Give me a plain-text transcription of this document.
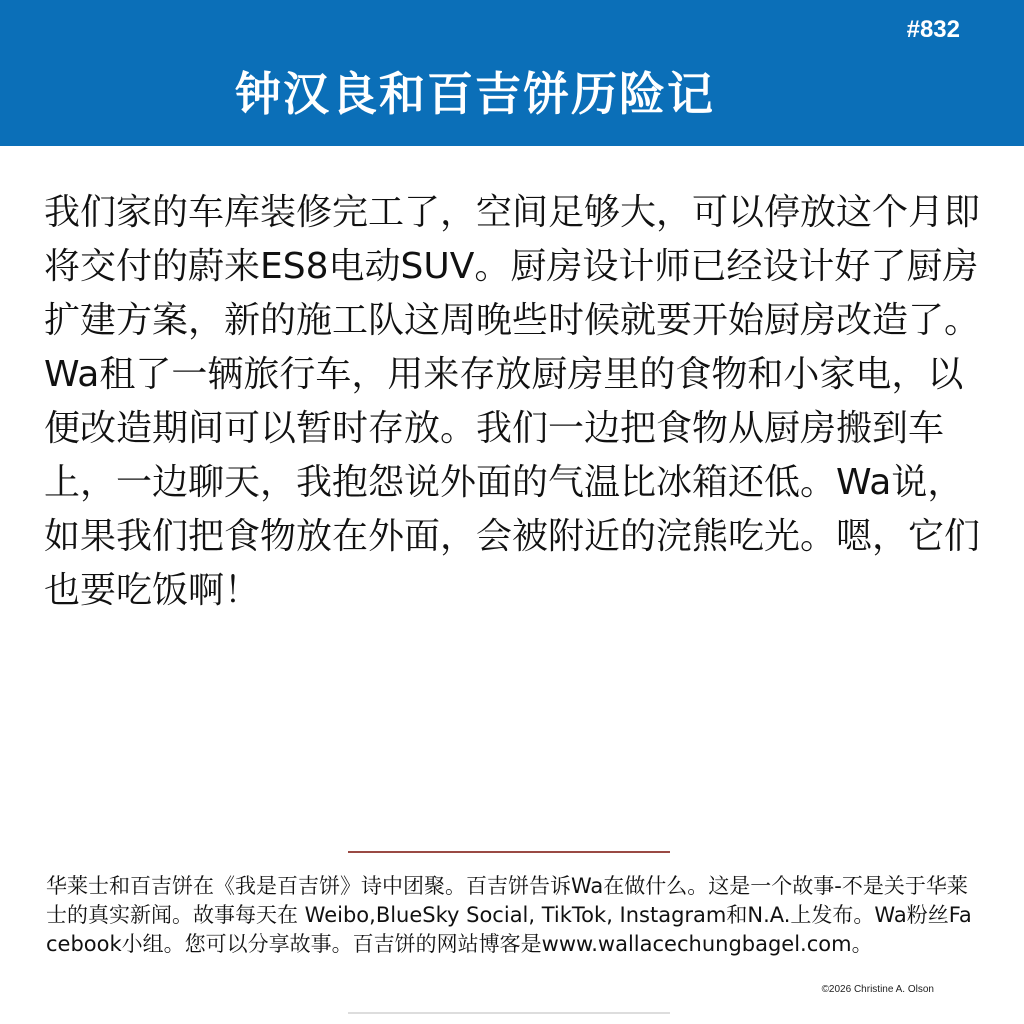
#832
钟汉良和百吉饼历险记

我们家的车库装修完工了，空间足够大，可以停放这个月即将交付的蔚来ES8电动SUV。厨房设计师已经设计好了厨房扩建方案，新的施工队这周晚些时候就要开始厨房改造了。Wa租了一辆旅行车，用来存放厨房里的食物和小家电，以便改造期间可以暂时存放。我们一边把食物从厨房搬到车上，一边聊天，我抱怨说外面的气温比冰箱还低。Wa说，如果我们把食物放在外面，会被附近的浣熊吃光。嗯，它们也要吃饭啊！

华莱士和百吉饼在《我是百吉饼》诗中团聚。百吉饼告诉Wa在做什么。这是一个故事-不是关于华莱士的真实新闻。故事每天在 Weibo,BlueSky Social, TikTok, Instagram和N.A.上发布。Wa粉丝Facebook小组。您可以分享故事。百吉饼的网站博客是www.wallacechungbagel.com。

©2026 Christine A. Olson
